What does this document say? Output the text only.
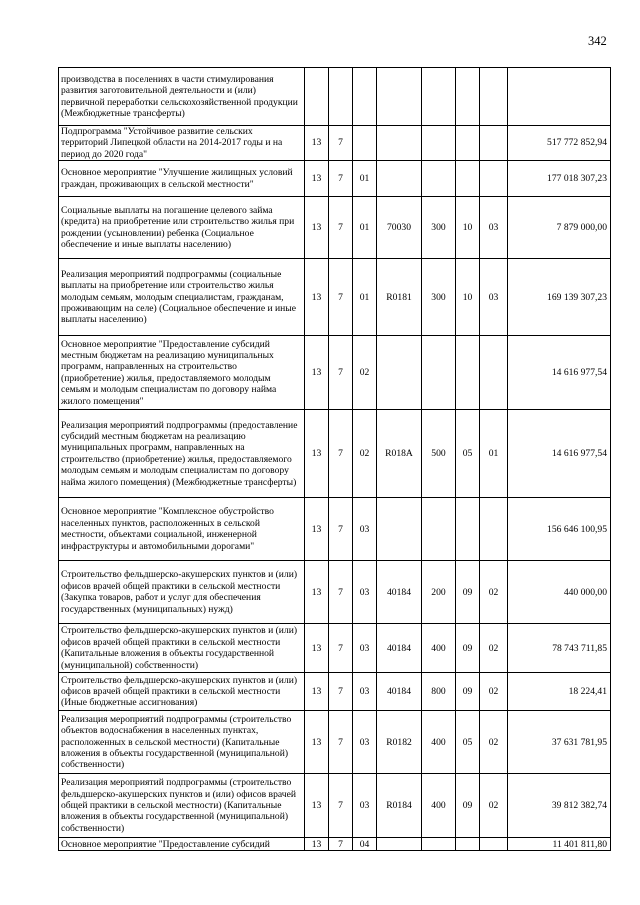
342
производства в поселениях в части стимулирования развития заготовительной деятельности и (или) первичной переработки сельскохозяйственной продукции (Межбюджетные трансферты)								
Подпрограмма "Устойчивое развитие сельских территорий Липецкой области на 2014-2017 годы и на период до 2020 года"	13	7						517 772 852,94
Основное мероприятие "Улучшение жилищных условий граждан, проживающих в сельской местности"	13	7	01					177 018 307,23
Социальные выплаты на погашение целевого займа (кредита) на приобретение или строительство жилья при рождении (усыновлении) ребенка (Социальное обеспечение и иные выплаты населению)	13	7	01	70030	300	10	03	7 879 000,00
Реализация мероприятий подпрограммы (социальные выплаты на приобретение или строительство жилья молодым семьям, молодым специалистам, гражданам, проживающим на селе) (Социальное обеспечение и иные выплаты населению)	13	7	01	R0181	300	10	03	169 139 307,23
Основное мероприятие "Предоставление субсидий местным бюджетам на реализацию муниципальных программ, направленных на строительство (приобретение) жилья, предоставляемого молодым семьям и молодым специалистам по договору найма жилого помещения"	13	7	02					14 616 977,54
Реализация мероприятий подпрограммы (предоставление субсидий местным бюджетам на реализацию муниципальных программ, направленных на строительство (приобретение) жилья, предоставляемого молодым семьям и молодым специалистам по договору найма жилого помещения) (Межбюджетные трансферты)	13	7	02	R018A	500	05	01	14 616 977,54
Основное мероприятие "Комплексное обустройство населенных пунктов, расположенных в сельской местности, объектами социальной, инженерной инфраструктуры и автомобильными дорогами"	13	7	03					156 646 100,95
Строительство фельдшерско-акушерских пунктов и (или) офисов врачей общей практики в сельской местности (Закупка товаров, работ и услуг для обеспечения государственных (муниципальных) нужд)	13	7	03	40184	200	09	02	440 000,00
Строительство фельдшерско-акушерских пунктов и (или) офисов врачей общей практики в сельской местности (Капитальные вложения в объекты государственной (муниципальной) собственности)	13	7	03	40184	400	09	02	78 743 711,85
Строительство фельдшерско-акушерских пунктов и (или) офисов врачей общей практики в сельской местности (Иные бюджетные ассигнования)	13	7	03	40184	800	09	02	18 224,41
Реализация мероприятий подпрограммы (строительство объектов водоснабжения в населенных пунктах, расположенных в сельской местности) (Капитальные вложения в объекты государственной (муниципальной) собственности)	13	7	03	R0182	400	05	02	37 631 781,95
Реализация мероприятий подпрограммы (строительство фельдшерско-акушерских пунктов и (или) офисов врачей общей практики в сельской местности) (Капитальные вложения в объекты государственной (муниципальной) собственности)	13	7	03	R0184	400	09	02	39 812 382,74
Основное мероприятие "Предоставление субсидий	13	7	04					11 401 811,80
